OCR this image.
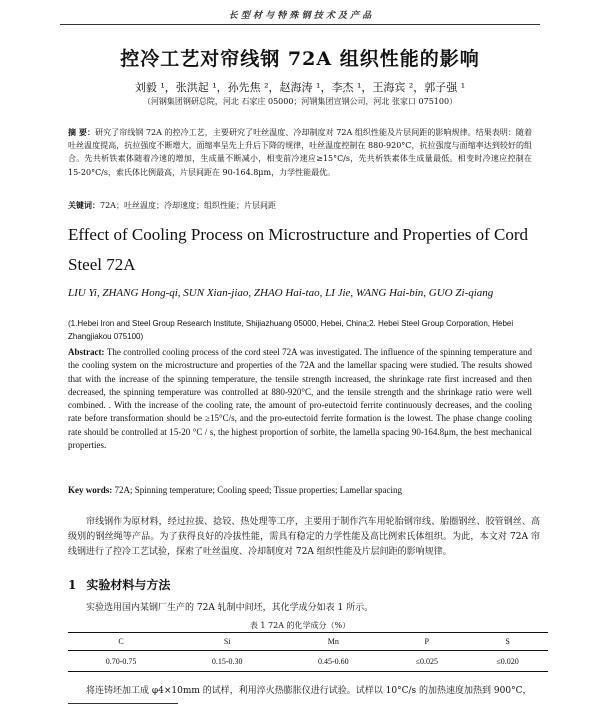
长 型 材 与 特 殊 钢 技 术 及 产 品
控冷工艺对帘线钢 72A 组织性能的影响
刘毅 ¹，张洪起 ¹，孙先焦 ²，赵海涛 ¹，李杰 ¹，王海宾 ²，郭子强 ¹
（河钢集团钢研总院，河北 石家庄 05000；河钢集团宣钢公司，河北 张家口 075100）
摘 要：研究了帘线钢 72A 的控冷工艺，主要研究了吐丝温度、冷却制度对 72A 组织性能及片层间距的影响规律。结果表明：随着吐丝温度提高，抗拉强度不断增大，面缩率呈先上升后下降的规律，吐丝温度控制在 880-920°C，抗拉强度与面缩率达到较好的组合。先共析铁素体随着冷速的增加，生成量不断减小，相变前冷速应≥15°C/s，先共析铁素体生成量最低。相变时冷速应控制在 15-20°C/s，索氏体比例最高，片层间距在 90-164.8μm，力学性能最优。
关键词：72A；吐丝温度；冷却速度；组织性能；片层间距
Effect of Cooling Process on Microstructure and Properties of Cord Steel 72A
LIU Yi, ZHANG Hong-qi, SUN Xian-jiao, ZHAO Hai-tao, LI Jie, WANG Hai-bin, GUO Zi-qiang
(1.Hebei Iron and Steel Group Research Institute, Shijiazhuang 05000, Hebei, China;2. Hebei Steel Group Corporation, Hebei Zhangjiakou 075100)
Abstract: The controlled cooling process of the cord steel 72A was investigated. The influence of the spinning temperature and the cooling system on the microstructure and properties of the 72A and the lamellar spacing were studied. The results showed that with the increase of the spinning temperature, the tensile strength increased, the shrinkage rate first increased and then decreased, the spinning temperature was controlled at 880-920°C, and the tensile strength and the shrinkage ratio were well combined. . With the increase of the cooling rate, the amount of pro-eutectoid ferrite continuously decreases, and the cooling rate before transformation should be ≥15°C/s, and the pro-eutectoid ferrite formation is the lowest. The phase change cooling rate should be controlled at 15-20 °C / s, the highest proportion of sorbite, the lamella spacing 90-164.8μm, the best mechanical properties.
Key words: 72A; Spinning temperature; Cooling speed; Tissue properties; Lamellar spacing
帘线钢作为原材料，经过拉拔、捻铰、热处理等工序，主要用于制作汽车用轮胎钢帘线、胎圈钢丝、胶管钢丝、高级别的钢丝绳等产品。为了获得良好的冷拔性能，需具有稳定的力学性能及高比例索氏体组织。为此，本文对 72A 帘线钢进行了控冷工艺试验，探索了吐丝温度、冷却制度对 72A 组织性能及片层间距的影响规律。
1 实验材料与方法
实验选用国内某钢厂生产的 72A 轧制中间坯，其化学成分如表 1 所示。
表 1 72A 的化学成分（%）
C	Si	Mn	P	S
0.70-0.75	0.15-0.30	0.45-0.60	≤0.025	≤0.020
将连铸坯加工成 φ4×10mm 的试样，利用淬火热膨胀仪进行试验。试样以 10°C/s 的加热速度加热到 900°C，
